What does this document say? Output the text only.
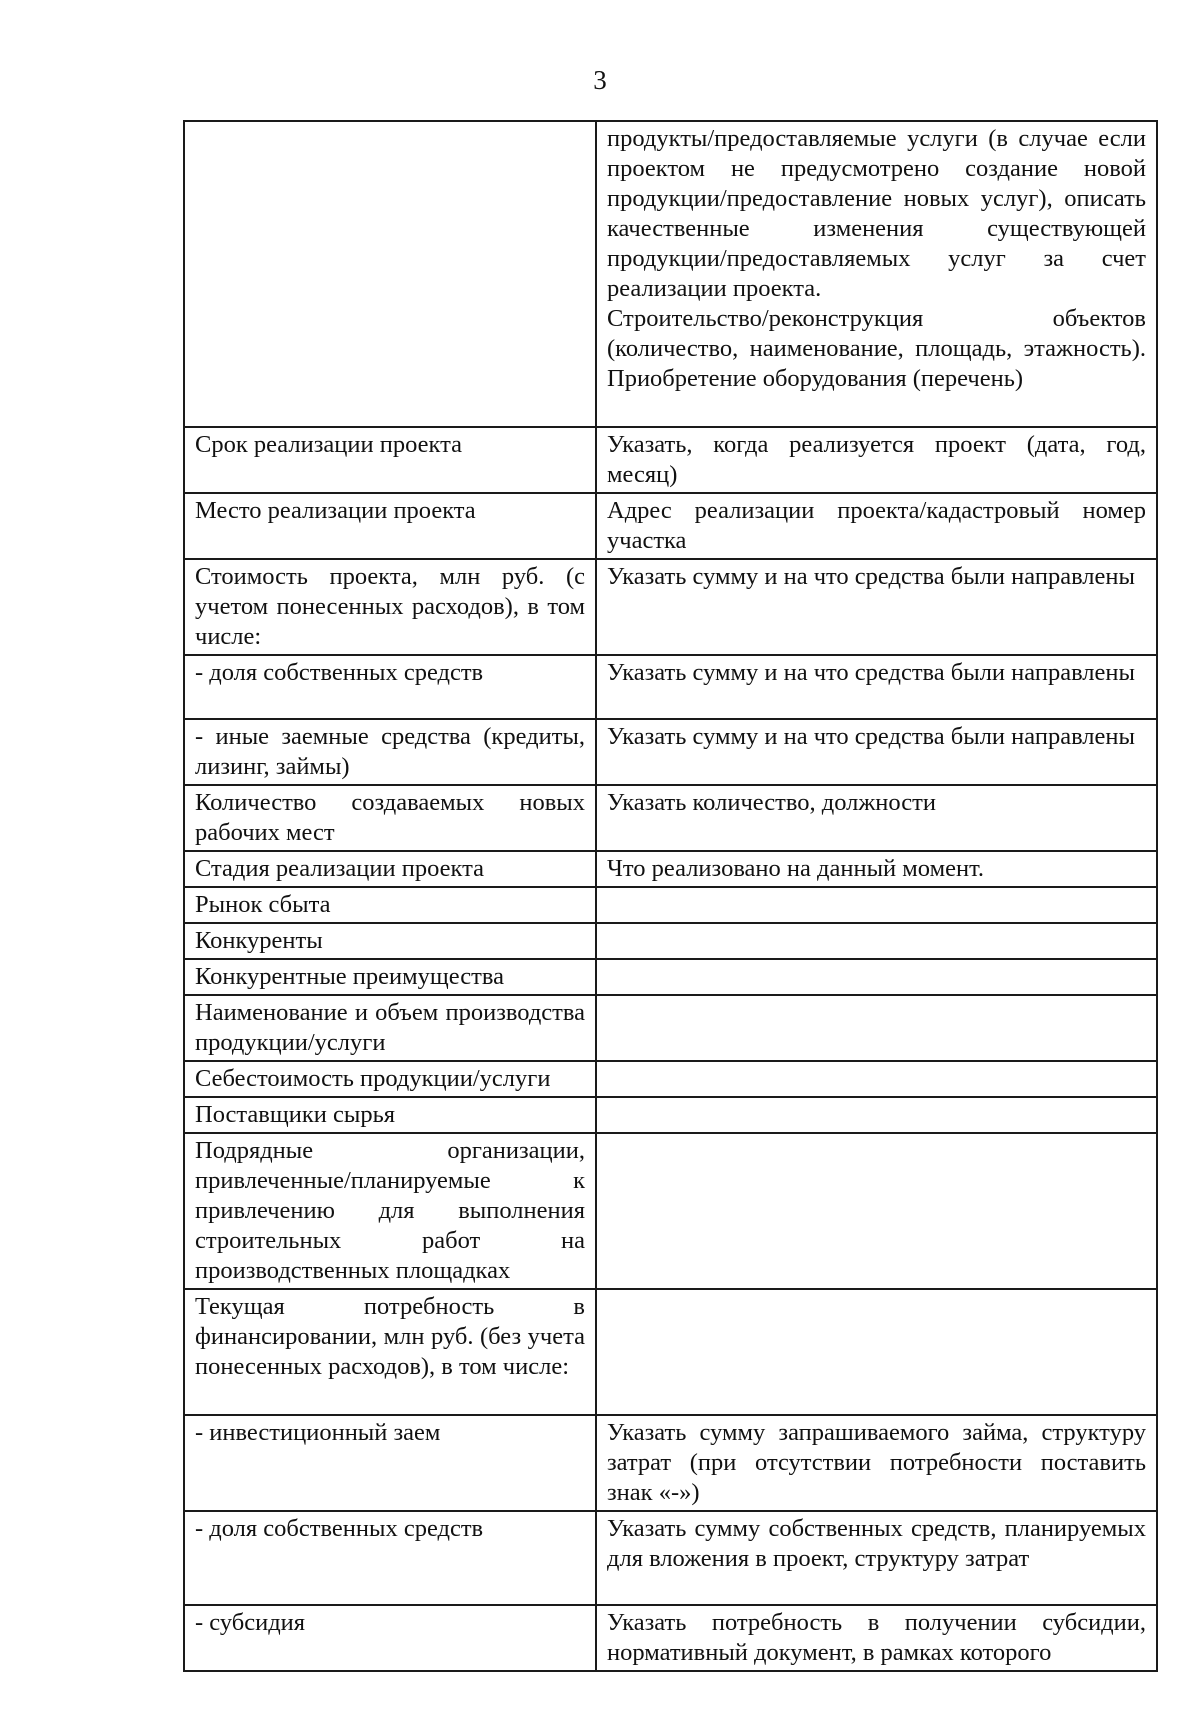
3

	продукты/предоставляемые услуги (в случае если проектом не предусмотрено создание новой продукции/предоставление новых услуг), описать качественные изменения существующей продукции/предоставляемых услуг за счет реализации проекта.
Строительство/реконструкция объектов (количество, наименование, площадь, этажность). Приобретение оборудования (перечень)

Срок реализации проекта	Указать, когда реализуется проект (дата, год, месяц)

Место реализации проекта	Адрес реализации проекта/кадастровый номер участка

Стоимость проекта, млн руб. (с учетом понесенных расходов), в том числе:	Указать сумму и на что средства были направлены

- доля собственных средств	Указать сумму и на что средства были направлены

- иные заемные средства (кредиты, лизинг, займы)	Указать сумму и на что средства были направлены

Количество создаваемых новых рабочих мест	Указать количество, должности

Стадия реализации проекта	Что реализовано на данный момент.

Рынок сбыта	

Конкуренты	

Конкурентные преимущества	

Наименование и объем производства продукции/услуги	

Себестоимость продукции/услуги	

Поставщики сырья	

Подрядные организации, привлеченные/планируемые к привлечению для выполнения строительных работ на производственных площадках	

Текущая потребность в финансировании, млн руб. (без учета понесенных расходов), в том числе:	

- инвестиционный заем	Указать сумму запрашиваемого займа, структуру затрат (при отсутствии потребности поставить знак «-»)

- доля собственных средств	Указать сумму собственных средств, планируемых для вложения в проект, структуру затрат

- субсидия	Указать потребность в получении субсидии, нормативный документ, в рамках которого
